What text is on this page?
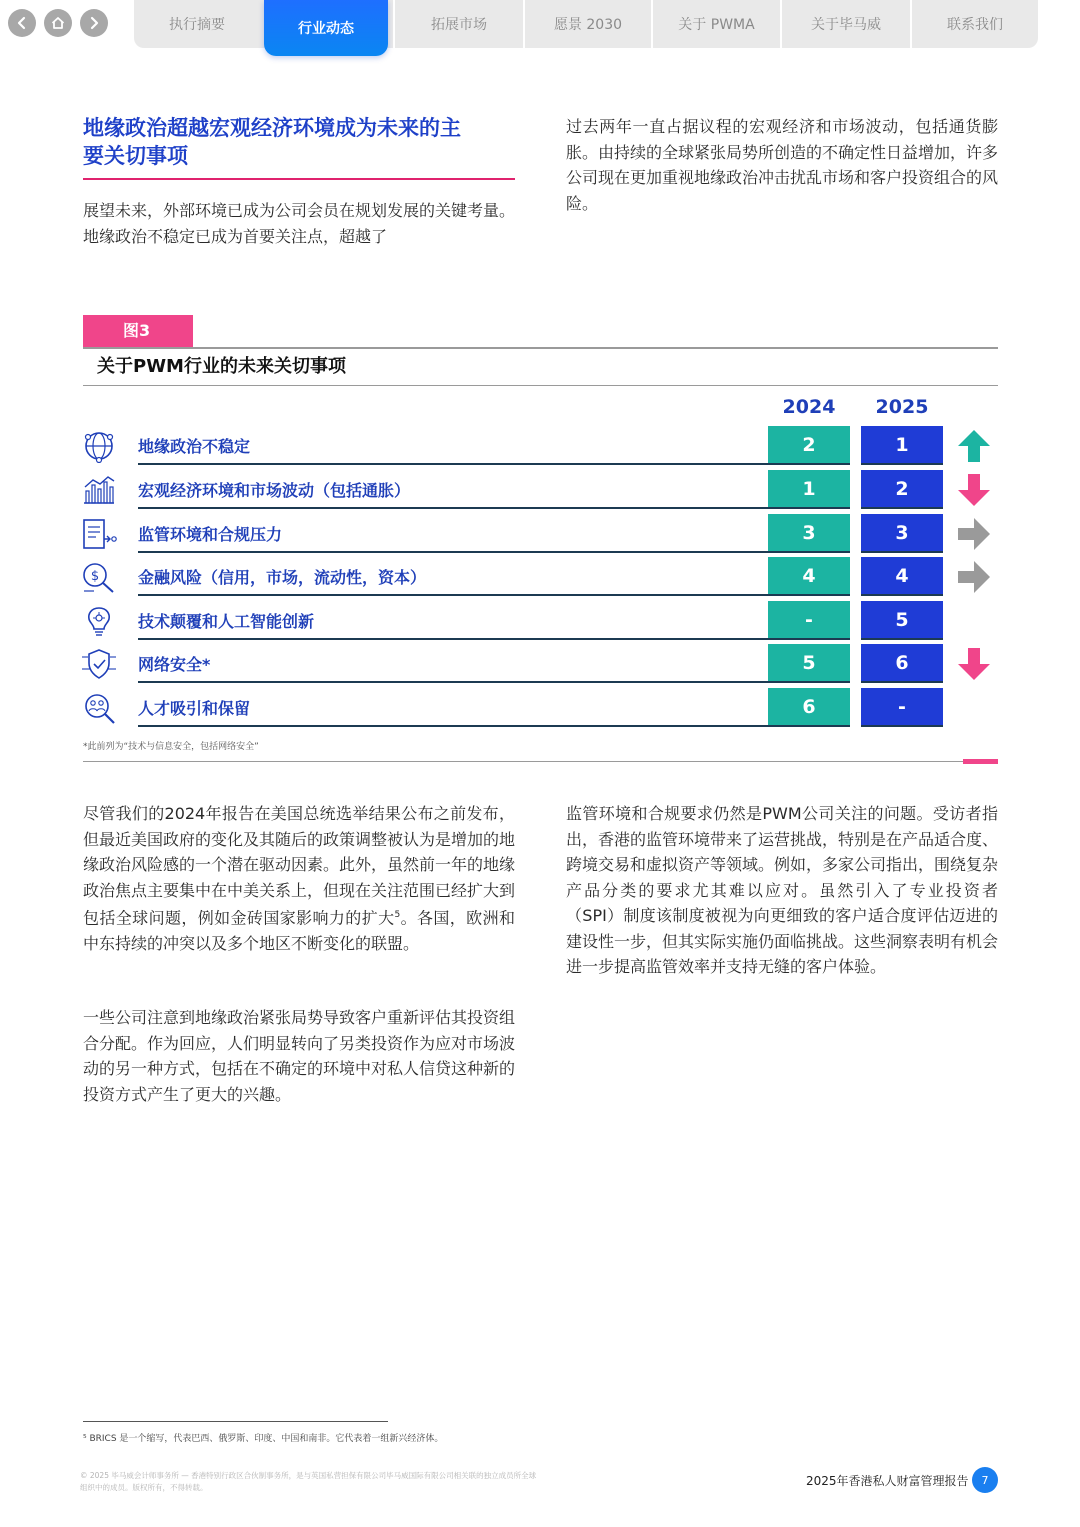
执行摘要	行业动态	拓展市场	愿景 2030	关于 PWMA	关于毕马威	联系我们
地缘政治超越宏观经济环境成为未来的主
要关切事项
展望未来，外部环境已成为公司会员在规划发展的关键考量。地缘政治不稳定已成为首要关注点，超越了
过去两年一直占据议程的宏观经济和市场波动，包括通货膨胀。由持续的全球紧张局势所创造的不确定性日益增加，许多公司现在更加重视地缘政治冲击扰乱市场和客户投资组合的风险。
图3
关于PWM行业的未来关切事项
2024	2025
地缘政治不稳定	2	1
宏观经济环境和市场波动（包括通胀）	1	2
监管环境和合规压力	3	3
$ 金融风险（信用，市场，流动性，资本）	4	4
技术颠覆和人工智能创新	-	5
网络安全*	5	6
人才吸引和保留	6	-
*此前列为“技术与信息安全，包括网络安全”
尽管我们的2024年报告在美国总统选举结果公布之前发布，但最近美国政府的变化及其随后的政策调整被认为是增加的地缘政治风险感的一个潜在驱动因素。此外，虽然前一年的地缘政治焦点主要集中在中美关系上，但现在关注范围已经扩大到包括全球问题，例如金砖国家影响力的扩大$^5$。各国，欧洲和中东持续的冲突以及多个地区不断变化的联盟。
一些公司注意到地缘政治紧张局势导致客户重新评估其投资组合分配。作为回应，人们明显转向了另类投资作为应对市场波动的另一种方式，包括在不确定的环境中对私人信贷这种新的投资方式产生了更大的兴趣。
监管环境和合规要求仍然是PWM公司关注的问题。受访者指出，香港的监管环境带来了运营挑战，特别是在产品适合度、跨境交易和虚拟资产等领域。例如，多家公司指出，围绕复杂产品分类的要求尤其难以应对。虽然引入了专业投资者（SPI）制度该制度被视为向更细致的客户适合度评估迈进的建设性一步，但其实际实施仍面临挑战。这些洞察表明有机会进一步提高监管效率并支持无缝的客户体验。
⁵ BRICS 是一个缩写，代表巴西、俄罗斯、印度、中国和南非。它代表着一组新兴经济体。
© 2025 毕马威会计师事务所 — 香港特别行政区合伙制事务所，是与英国私营担保有限公司毕马威国际有限公司相关联的独立成员所全球
组织中的成员。版权所有，不得转载。	2025年香港私人财富管理报告	7
